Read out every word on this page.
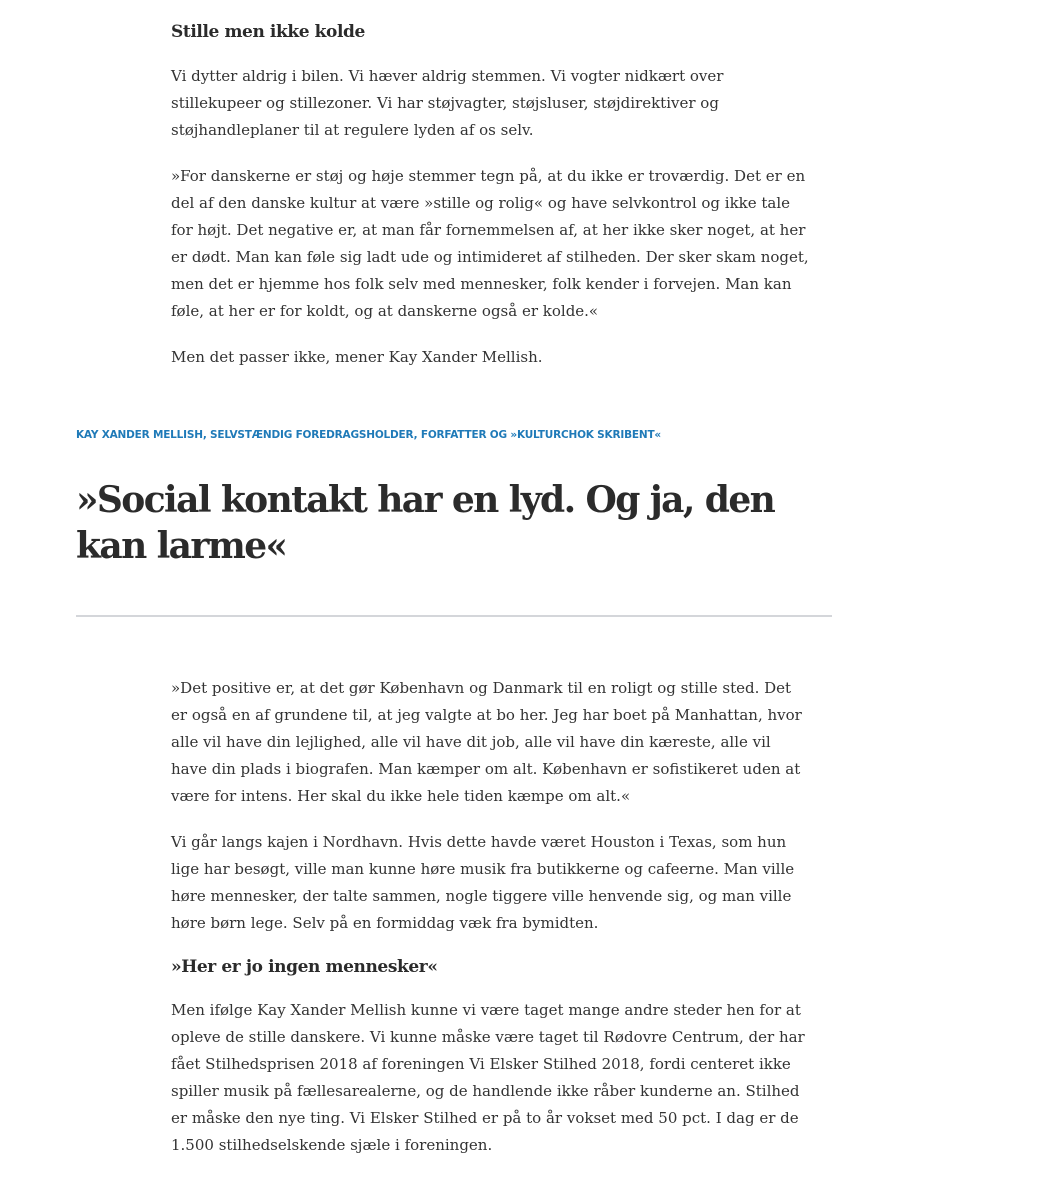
Stille men ikke kolde

Vi dytter aldrig i bilen. Vi hæver aldrig stemmen. Vi vogter nidkært over stillekupeer og stillezoner. Vi har støjvagter, støjsluser, støjdirektiver og støjhandleplaner til at regulere lyden af os selv.

»For danskerne er støj og høje stemmer tegn på, at du ikke er troværdig. Det er en del af den danske kultur at være »stille og rolig« og have selvkontrol og ikke tale for højt. Det negative er, at man får fornemmelsen af, at her ikke sker noget, at her er dødt. Man kan føle sig ladt ude og intimideret af stilheden. Der sker skam noget, men det er hjemme hos folk selv med mennesker, folk kender i forvejen. Man kan føle, at her er for koldt, og at danskerne også er kolde.«

Men det passer ikke, mener Kay Xander Mellish.

KAY XANDER MELLISH, SELVSTÆNDIG FOREDRAGSHOLDER, FORFATTER OG »KULTURCHOK SKRIBENT«

»Social kontakt har en lyd. Og ja, den kan larme«

»Det positive er, at det gør København og Danmark til en roligt og stille sted. Det er også en af grundene til, at jeg valgte at bo her. Jeg har boet på Manhattan, hvor alle vil have din lejlighed, alle vil have dit job, alle vil have din kæreste, alle vil have din plads i biografen. Man kæmper om alt. København er sofistikeret uden at være for intens. Her skal du ikke hele tiden kæmpe om alt.«

Vi går langs kajen i Nordhavn. Hvis dette havde været Houston i Texas, som hun lige har besøgt, ville man kunne høre musik fra butikkerne og cafeerne. Man ville høre mennesker, der talte sammen, nogle tiggere ville henvende sig, og man ville høre børn lege. Selv på en formiddag væk fra bymidten.

»Her er jo ingen mennesker«

Men ifølge Kay Xander Mellish kunne vi være taget mange andre steder hen for at opleve de stille danskere. Vi kunne måske være taget til Rødovre Centrum, der har fået Stilhedsprisen 2018 af foreningen Vi Elsker Stilhed 2018, fordi centeret ikke spiller musik på fællesarealerne, og de handlende ikke råber kunderne an. Stilhed er måske den nye ting. Vi Elsker Stilhed er på to år vokset med 50 pct. I dag er de 1.500 stilhedselskende sjæle i foreningen.
